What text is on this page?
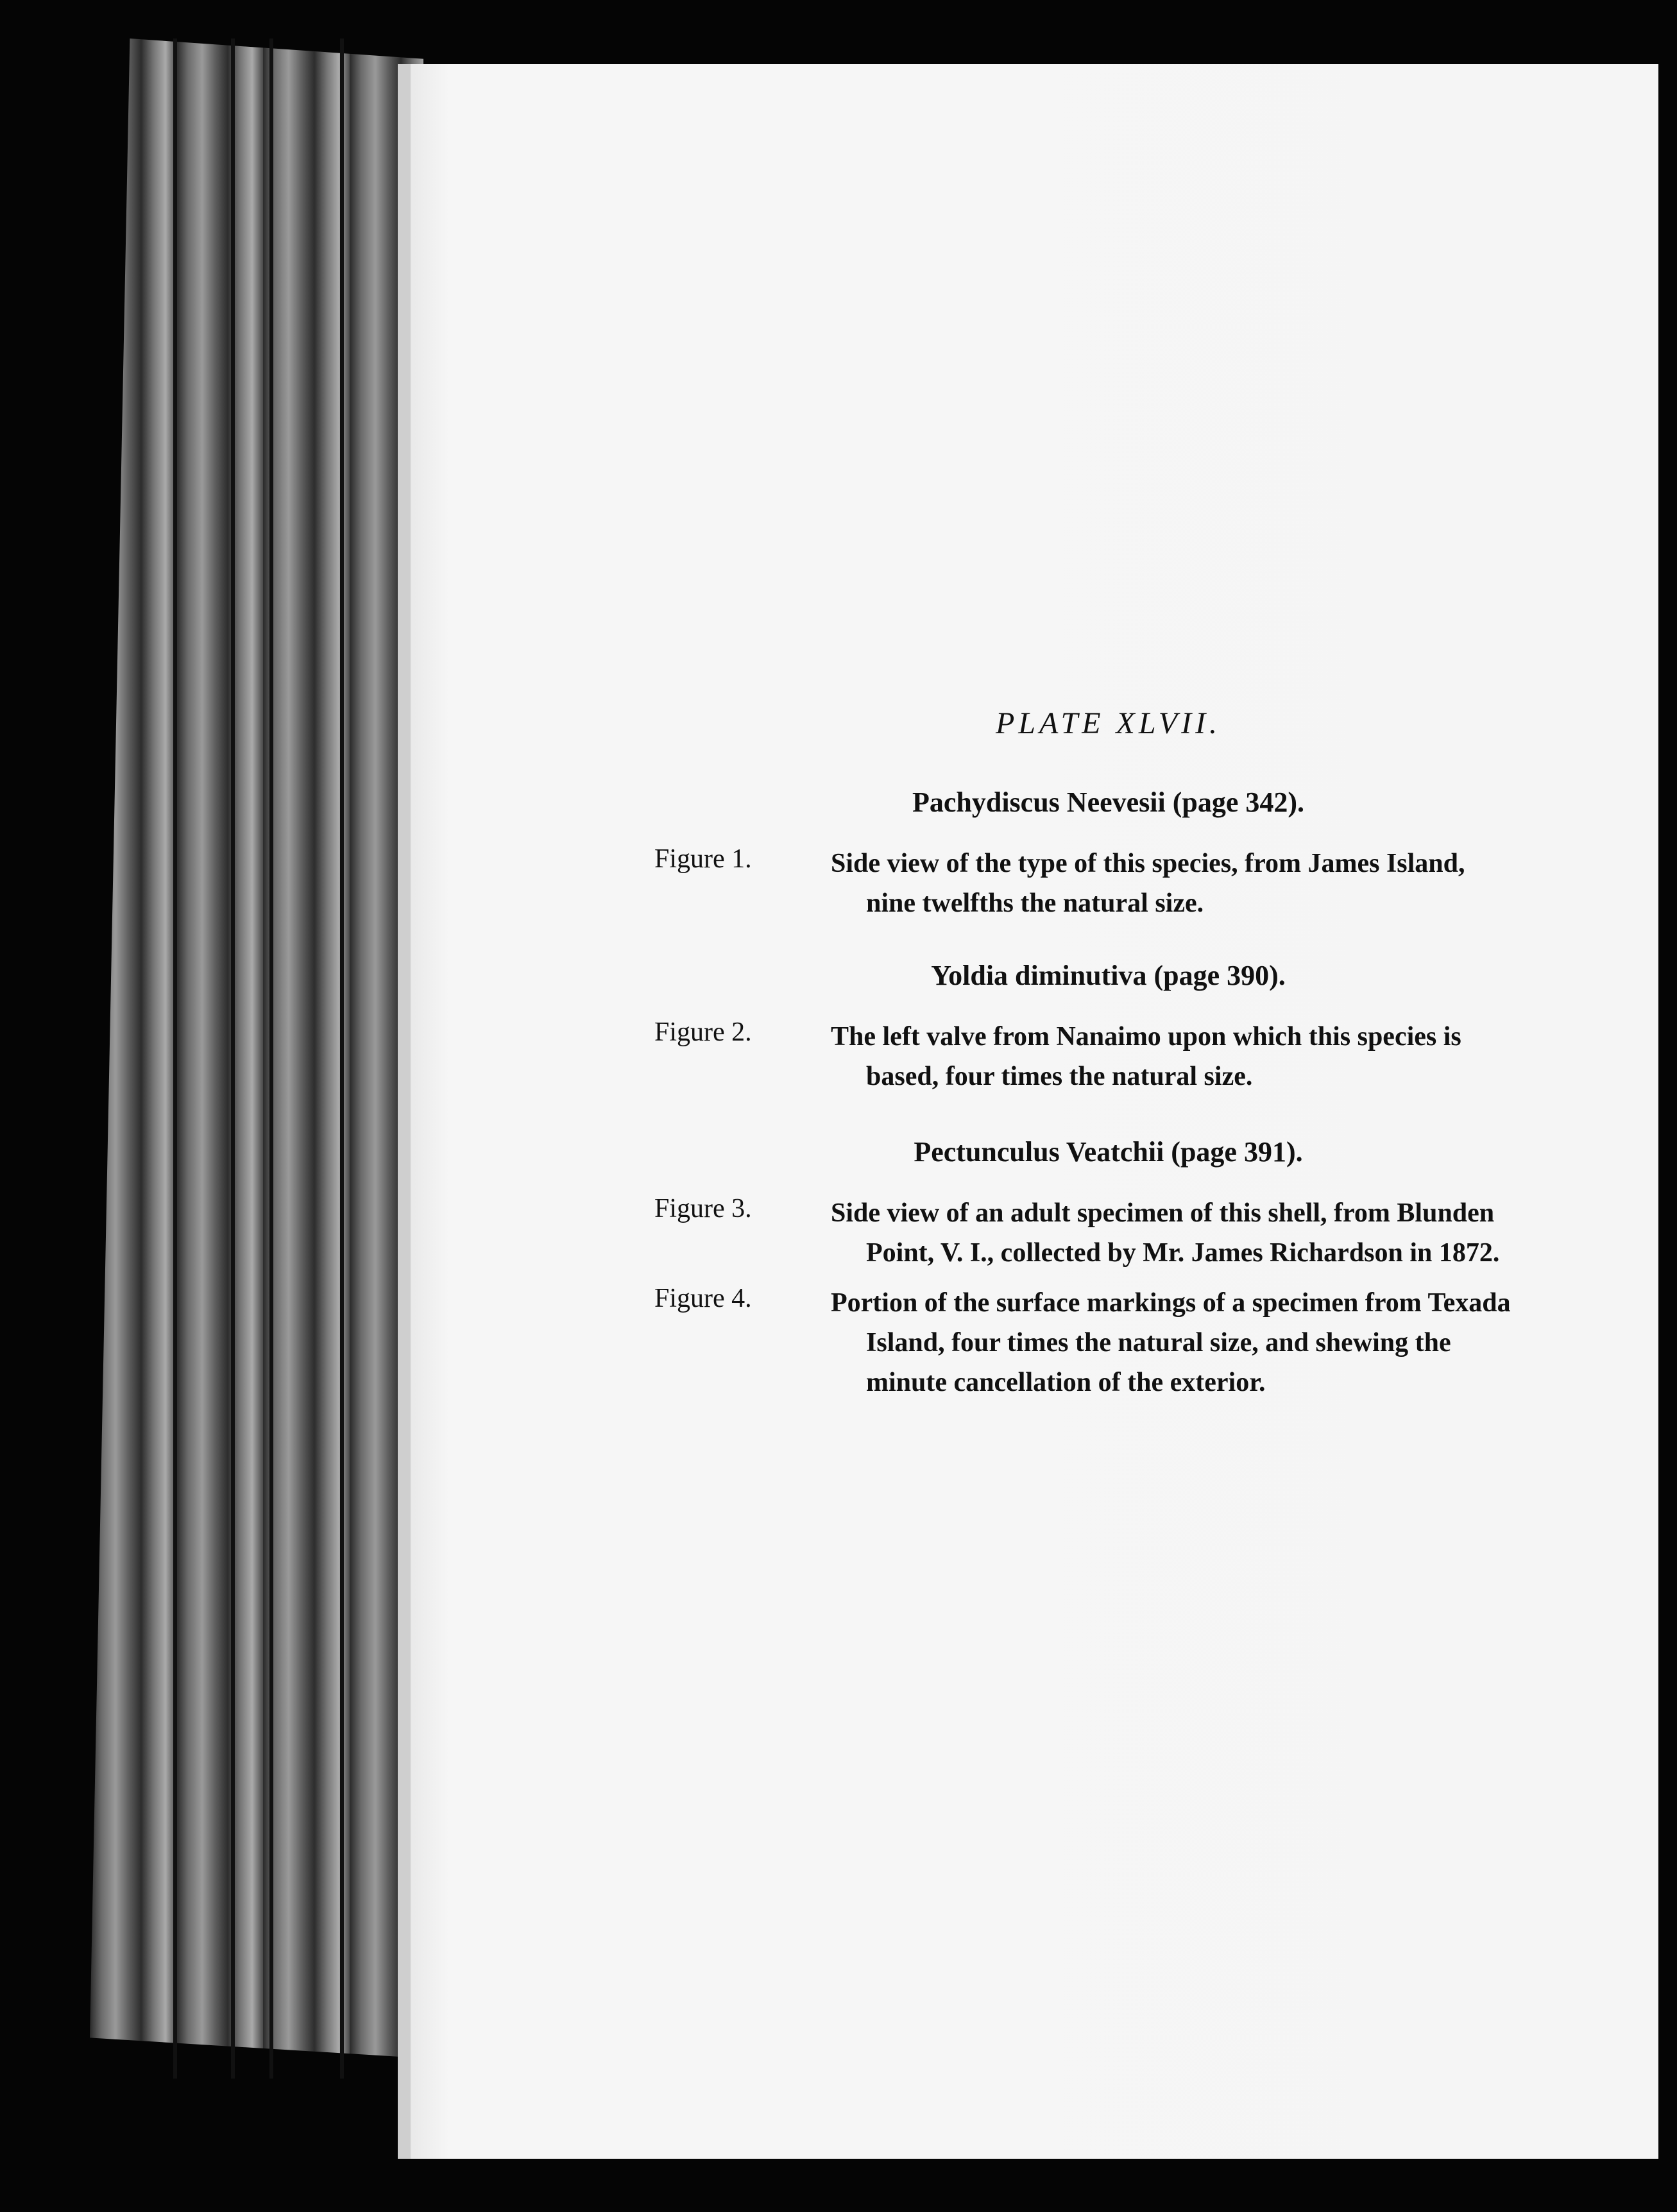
PLATE XLVII.
Pachydiscus Neevesii (page 342).
Figure 1.	Side view of the type of this species, from James Island,
nine twelfths the natural size.
Yoldia diminutiva (page 390).
Figure 2.	The left valve from Nanaimo upon which this species is
based, four times the natural size.
Pectunculus Veatchii (page 391).
Figure 3.	Side view of an adult specimen of this shell, from Blunden
Point, V. I., collected by Mr. James Richardson in 1872.
Figure 4.	Portion of the surface markings of a specimen from Texada
Island, four times the natural size, and shewing the
minute cancellation of the exterior.
